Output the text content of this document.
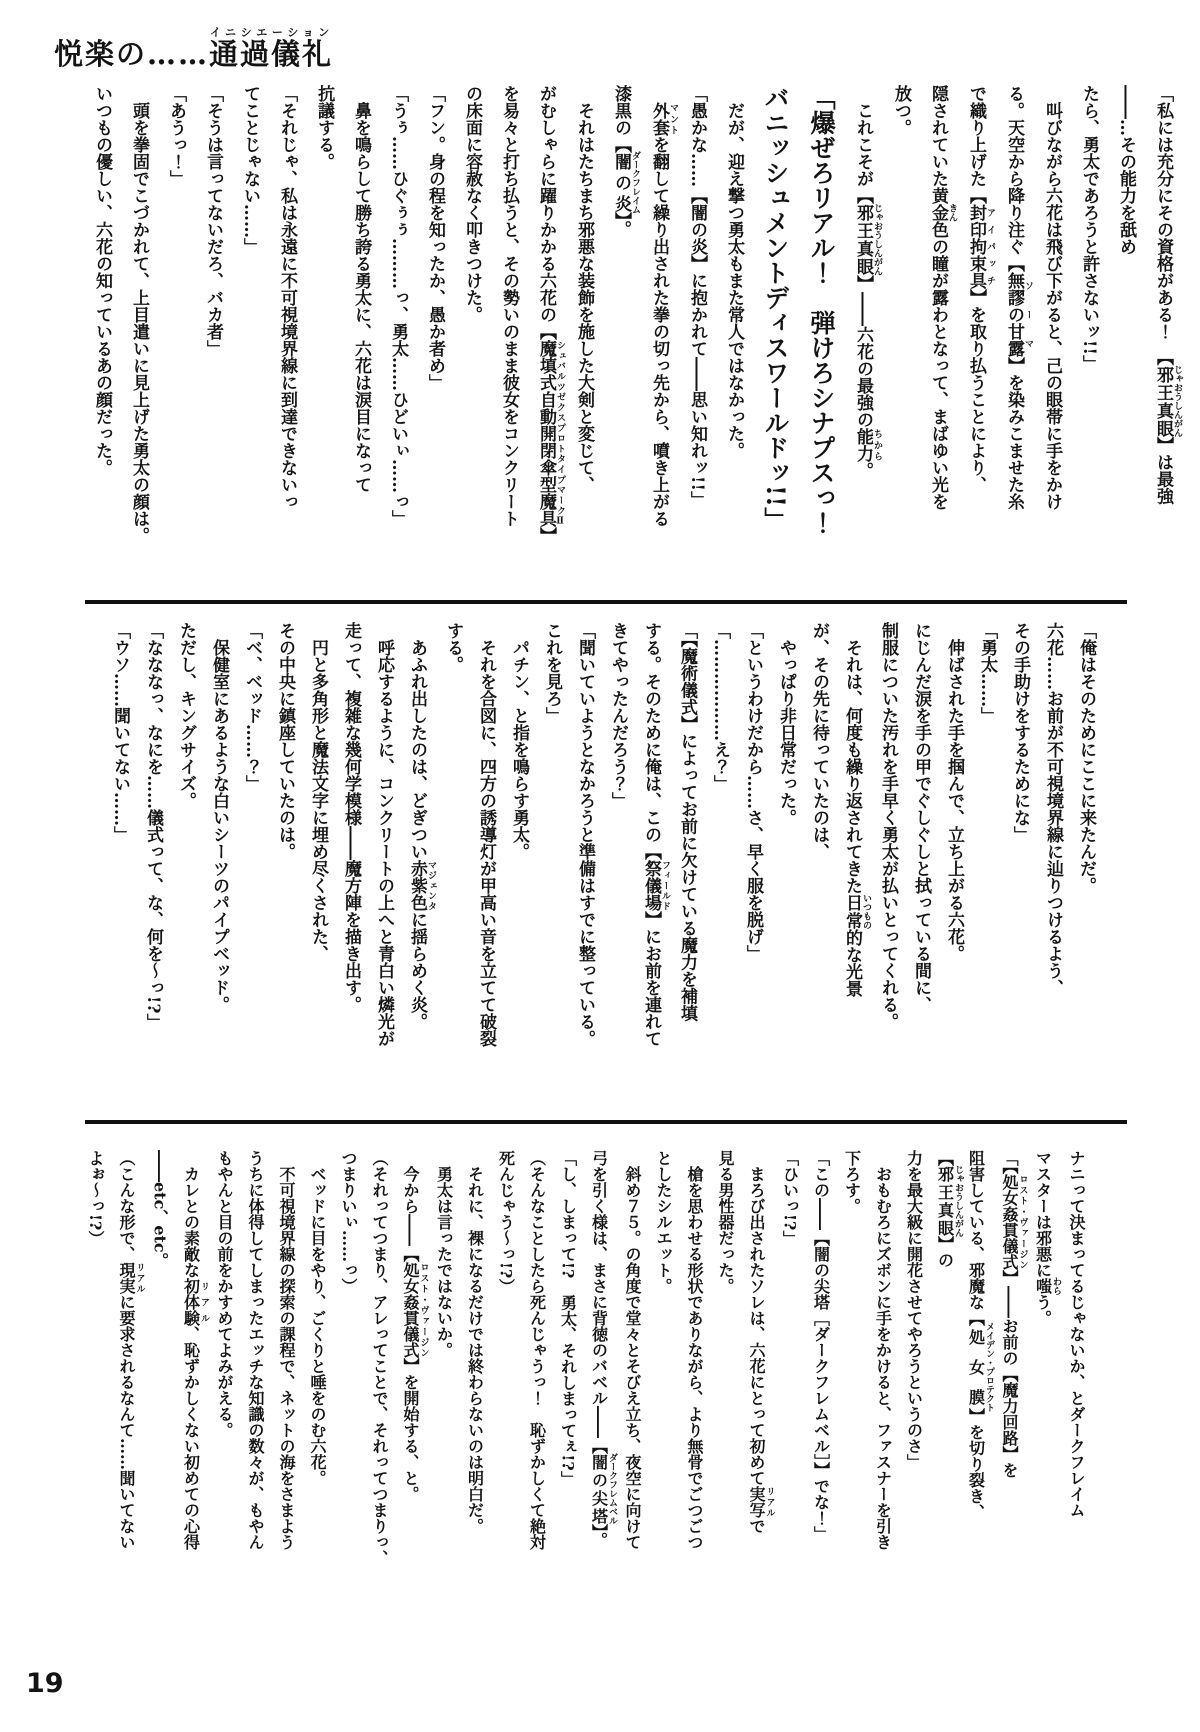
悦楽の……通過儀礼イニシエーション

「私には充分にその資格がある！　【邪王真眼 じゃおうしんがん】は最強

――…その能力を舐め

たら、勇太であろうと許さないッ!!」

叫びながら六花は飛び下がると、己の眼帯に手をかけ

る。天空から降り注ぐ【無謬の甘露 ソーマ】を染みこませた糸

で織り上げた【封印拘束具 アイパッチ】を取り払うことにより、

隠されていた黄金 きん色の瞳が露わとなって、まばゆい光を

放つ。

これこそが【邪王真眼 じゃおうしんがん】――六花の最強の能力 ちから。

「爆ぜろリアル！　弾けろシナプスっ！

バニッシュメントディスワールドッ!!」

だが、迎え撃つ勇太もまた常人ではなかった。

「愚かな……【闇の炎】に抱かれて――思い知れッ!!」

外套 マントを翻して繰り出された拳の切っ先から、噴き上がる

漆黒の【闇の炎 ダークフレイム】。

それはたちまち邪悪な装飾を施した大剣と変じて、

がむしゃらに躍りかかる六花の【魔填式自動開閉傘型魔具 シュバルツゼクスプロトタイプマークⅡ】

を易々と打ち払うと、その勢いのまま彼女をコンクリート

の床面に容赦なく叩きつけた。

「フン。身の程を知ったか、愚か者め」

「うぅ……ひぐぅぅ………っ、勇太……ひどいぃ……っ」

鼻を鳴らして勝ち誇る勇太に、六花は涙目になって

抗議する。

「それじゃ、私は永遠に不可視境界線に到達できないっ

てことじゃない……」

「そうは言ってないだろ、バカ者」

「あうっ！」

頭を拳固でこづかれて、上目遣いに見上げた勇太の顔は。

いつもの優しい、六花の知っているあの顔だった。

「俺はそのためにここに来たんだ。

六花……お前が不可視境界線に辿りつけるよう、

その手助けをするためにな」

「勇太……」

伸ばされた手を掴んで、立ち上がる六花。

にじんだ涙を手の甲でぐしぐしと拭っている間に、

制服についた汚れを手早く勇太が払いとってくれる。

それは、何度も繰り返されてきた日常 いつもの的な光景

が、その先に待っていたのは、

やっぱり非日常だった。

「というわけだから……さ、早く服を脱げ」

「………………え？」

「【魔術儀式】によってお前に欠けている魔力を補填

する。そのために俺は、この【祭儀場 フィールド】にお前を連れて

きてやったんだろう？」

「聞いていようとなかろうと準備はすでに整っている。

これを見ろ」

パチン、と指を鳴らす勇太。

それを合図に、四方の誘導灯が甲高い音を立てて破裂

する。

あふれ出したのは、どぎつい赤紫色 マジェンタに揺らめく炎。

呼応するように、コンクリートの上へと青白い燐光が

走って、複雑な幾何学模様――魔方陣を描き出す。

円と多角形と魔法文字に埋め尽くされた、

その中央に鎮座していたのは。

「ベ、ベッド……？」

保健室にあるような白いシーツのパイプベッド。

ただし、キングサイズ。

「なななっ、なにを……儀式って、な、何を～っ!?」

「ウソ……聞いてない……」

ナニって決まってるじゃないか、とダークフレイム

マスターは邪悪に嗤わらう。

「【処女姦貫儀式ロスト・ヴァージン】――お前の【魔力回路】を

阻害している、邪魔な【処女膜メイデン・プロテクト】を切り裂き、【邪王真眼じゃおうしんがん】の

力を最大級に開花させてやろうというのさ」

おもむろにズボンに手をかけると、ファスナーを引き

下ろす。

「この――【闇の尖塔［ダークフレムベル］】でな！」

「ひいっ!?」

まろび出されたソレは、六花にとって初めて実写リアルで

見る男性器だった。

槍を思わせる形状でありながら、より無骨でごつごつ

としたシルエット。

斜め７５。の角度で堂々とそびえ立ち、夜空に向けて

弓を引く様は、まさに背徳のバベル――【闇の尖塔ダークフレムベル】。

「し、しまって!?　勇太、それしまってぇ!?」

（そんなことしたら死んじゃうっ！　恥ずかしくて絶対

死んじゃう～っ!?）

それに、裸になるだけでは終わらないのは明白だ。

勇太は言ったではないか。

今から――【処女姦貫儀式ロスト・ヴァージン】を開始する、と。

（それってつまり、アレってことで、それってつまりっ、

つまりいぃ……っ）

ベッドに目をやり、ごくりと唾をのむ六花。

不可視境界線の探索の課程で、ネットの海をさまよう

うちに体得してしまったエッチな知識の数々が、もやん

もやんと目の前をかすめてよみがえる。

カレとの素敵な初体験リアル、恥ずかしくない初めての心得

――etc、etc。

（こんな形で、現実リアルに要求されるなんて……聞いてない

よぉ～っ!?）

19
